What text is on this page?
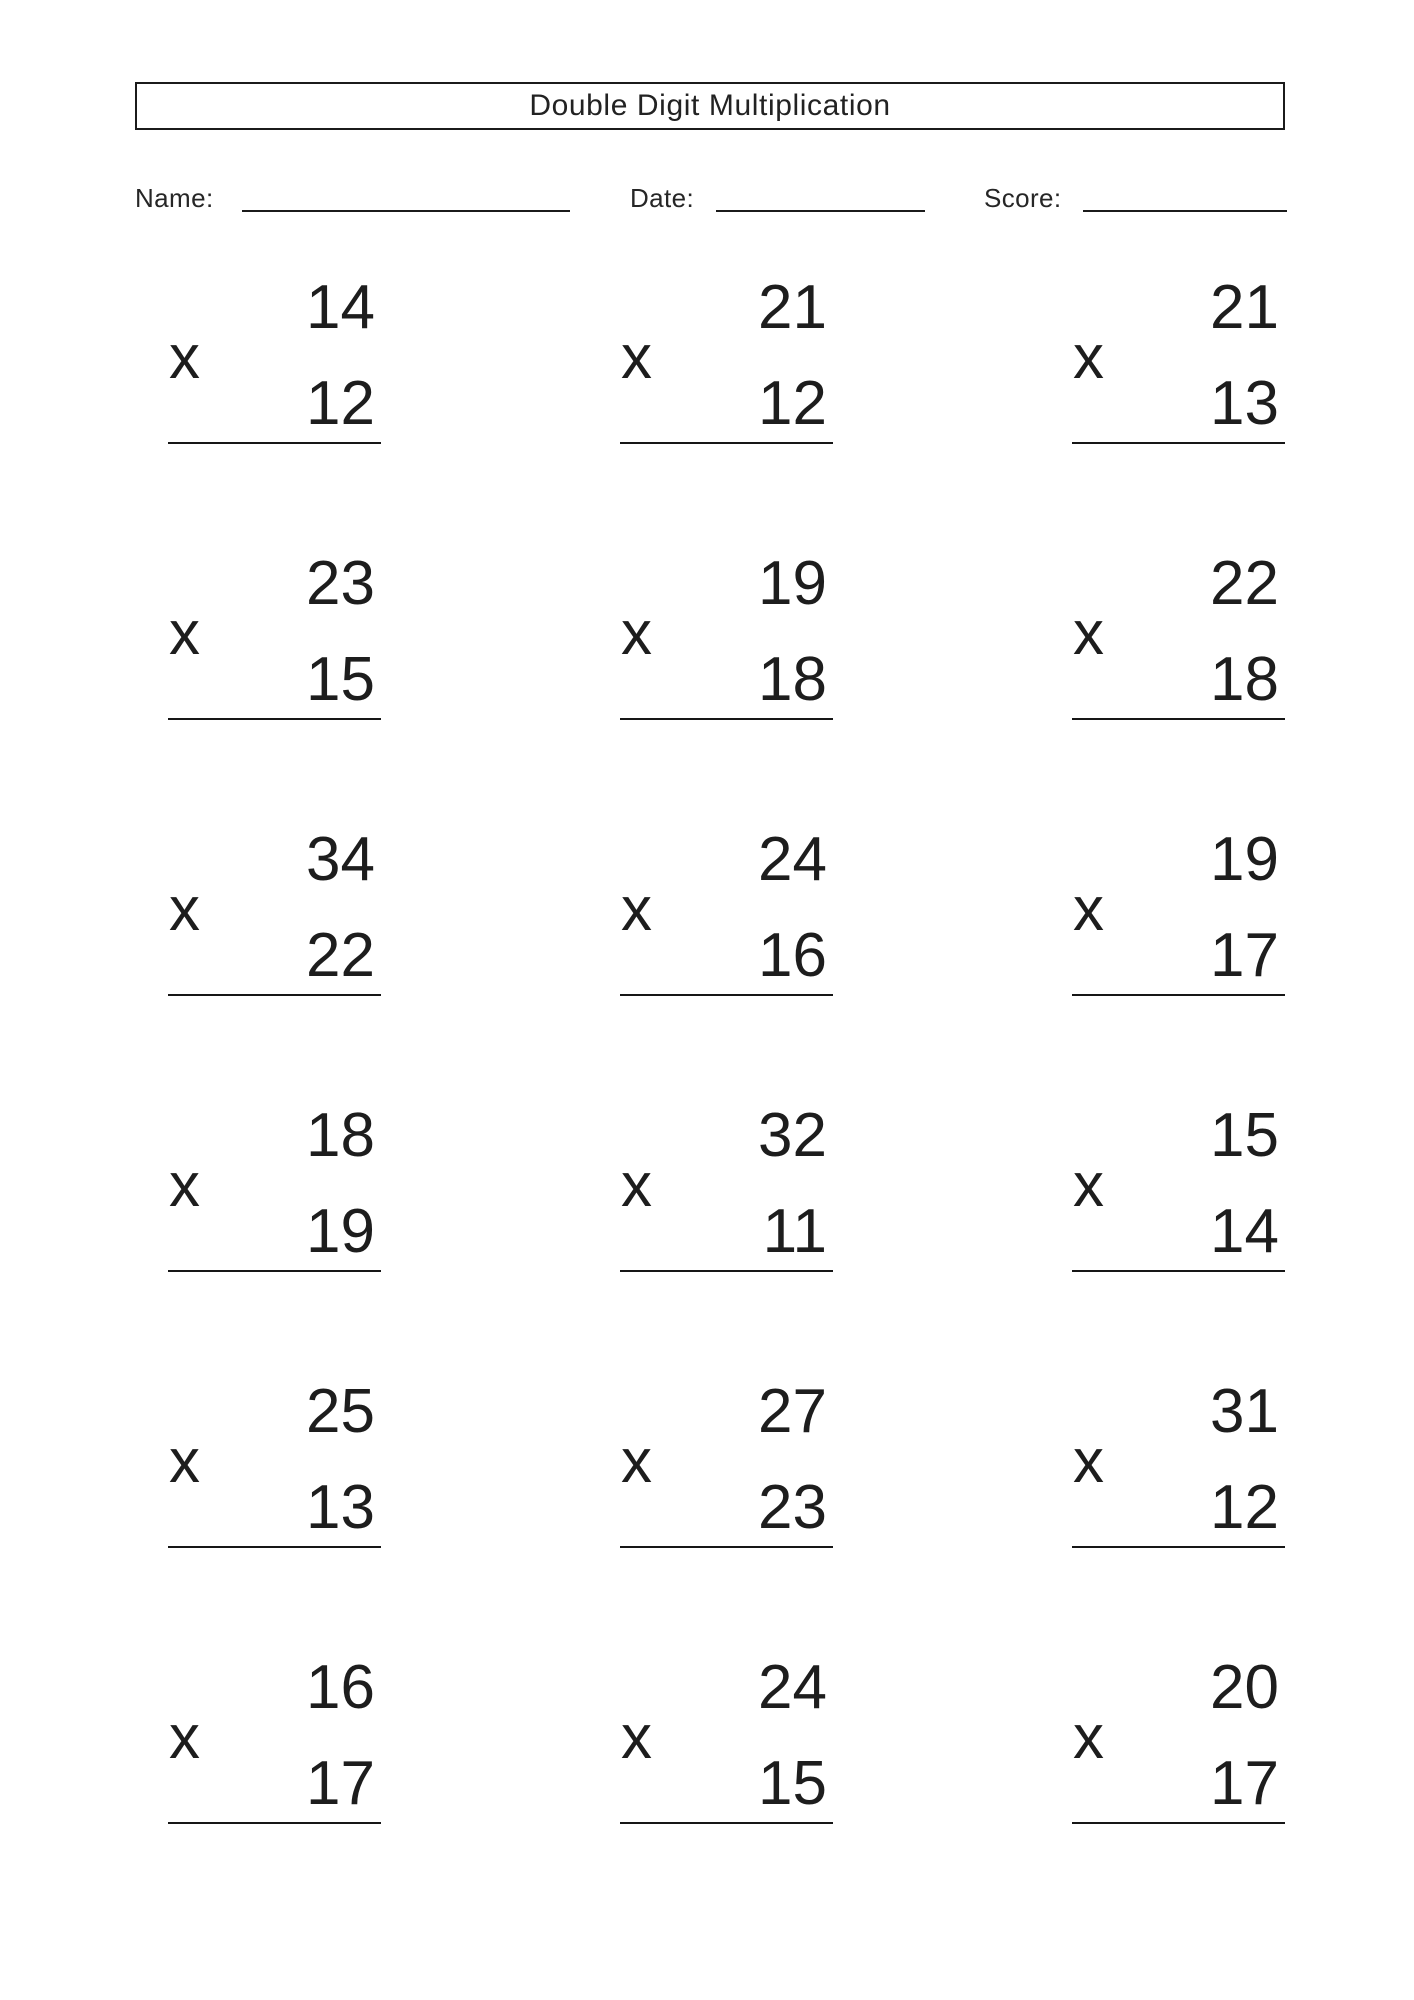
Double Digit Multiplication
Name:	Date:	Score:
x
14
12
x
21
12
x
21
13
x
23
15
x
19
18
x
22
18
x
34
22
x
24
16
x
19
17
x
18
19
x
32
11
x
15
14
x
25
13
x
27
23
x
31
12
x
16
17
x
24
15
x
20
17
